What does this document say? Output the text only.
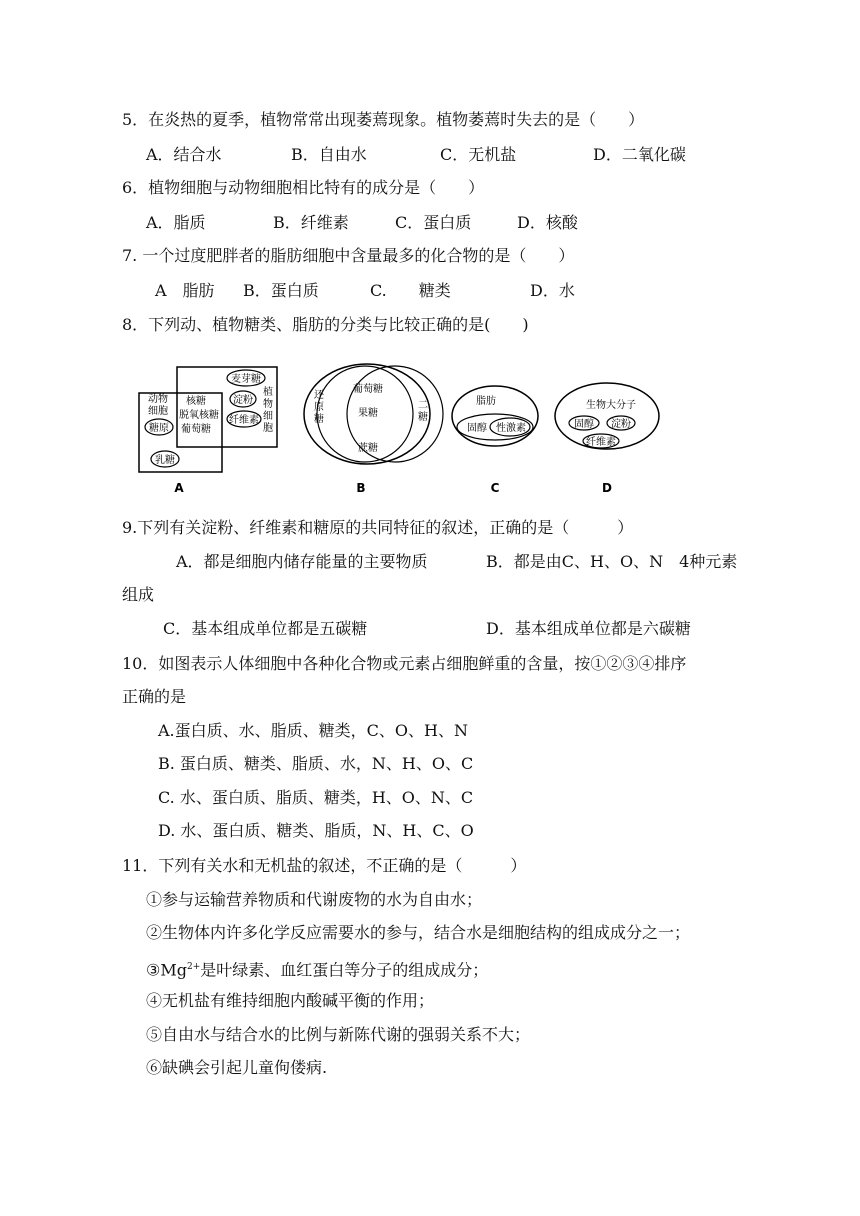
5．在炎热的夏季，植物常常出现萎蔫现象。植物萎蔫时失去的是（　　）
A．结合水	B．自由水	C．无机盐	D．二氧化碳
6．植物细胞与动物细胞相比特有的成分是（　　）
A．脂质	B．纤维素	C．蛋白质	D．核酸
7. 一个过度肥胖者的脂肪细胞中含量最多的化合物的是（　　）
A　脂肪 B．蛋白质	C.　　糖类	D．水
8．下列动、植物糖类、脂肪的分类与比较正确的是(　　)
动物
细胞
糖原
乳糖
核糖
脱氧核糖
葡萄糖
麦芽糖
淀粉
纤维素
植
物
细
胞
A
还
原
糖
葡萄糖
果糖
蔗糖
二
糖
B
脂肪
固醇 性激素
C
生物大分子
固醇 淀粉
纤维素
D
9.下列有关淀粉、纤维素和糖原的共同特征的叙述，正确的是（　　　）
A．都是细胞内储存能量的主要物质	B．都是由C、H、O、N　4种元素
组成
C．基本组成单位都是五碳糖	D．基本组成单位都是六碳糖
10．如图表示人体细胞中各种化合物或元素占细胞鲜重的含量，按①②③④排序
正确的是
A.蛋白质、水、脂质、糖类，C、O、H、N
B. 蛋白质、糖类、脂质、水，N、H、O、C
C. 水、蛋白质、脂质、糖类，H、O、N、C
D. 水、蛋白质、糖类、脂质，N、H、C、O
11．下列有关水和无机盐的叙述，不正确的是（　　　）
①参与运输营养物质和代谢废物的水为自由水；
②生物体内许多化学反应需要水的参与，结合水是细胞结构的组成成分之一；
$③Mg^{2+}$是叶绿素、血红蛋白等分子的组成成分；
④无机盐有维持细胞内酸碱平衡的作用；
⑤自由水与结合水的比例与新陈代谢的强弱关系不大；
⑥缺碘会引起儿童佝偻病.
